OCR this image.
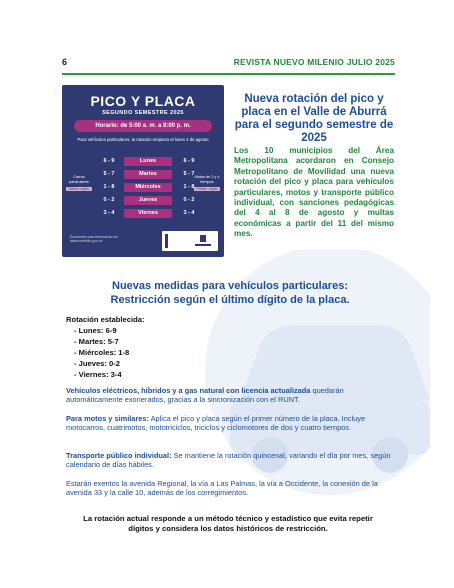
6	REVISTA NUEVO MILENIO JULIO 2025
PICO Y PLACA
SEGUNDO SEMESTRE 2025
Horario: de 5:00 a. m. a 8:00 p. m.
Para vehículos particulares, la rotación empieza el lunes 4 de agosto
Carros particulares
Último dígito
Motos de 2 y 4 tiempos
Primer dígito
6 - 9	Lunes	6 - 9
5 - 7	Martes	5 - 7
1 - 8	Miércoles	1 - 8
0 - 2	Jueves	0 - 2
3 - 4	Viernes	3 - 4
Encuentra más información en: www.medellin.gov.co
Nueva rotación del pico y placa en el Valle de Aburrá para el segundo semestre de 2025
Los 10 municipios del Área Metropolitana acordaron en Consejo Metropolitano de Movilidad una nueva rotación del pico y placa para vehículos particulares, motos y transporte público individual, con sanciones pedagógicas del 4 al 8 de agosto y multas económicas a partir del 11 del mismo mes.
Nuevas medidas para vehículos particulares:
Restricción según el último dígito de la placa.
Rotación establecida:
- Lunes: 6-9
- Martes: 5-7
- Miércoles: 1-8
- Jueves: 0-2
- Viernes: 3-4
Vehículos eléctricos, híbridos y a gas natural con licencia actualizada quedarán automáticamente exonerados, gracias a la sincronización con el RUNT.
Para motos y similares: Aplica el pico y placa según el primer número de la placa. Incluye motocarros, cuatrimotos, mototriciclos, triciclos y ciclomotores de dos y cuatro tiempos.
Transporte público individual: Se mantiene la rotación quincenal, variando el día por mes, según calendario de días hábiles.
Estarán exentos la avenida Regional, la vía a Las Palmas, la vía a Occidente, la conexión de la avenida 33 y la calle 10, además de los corregimientos.
La rotación actual responde a un método técnico y estadístico que evita repetir dígitos y considera los datos históricos de restricción.
